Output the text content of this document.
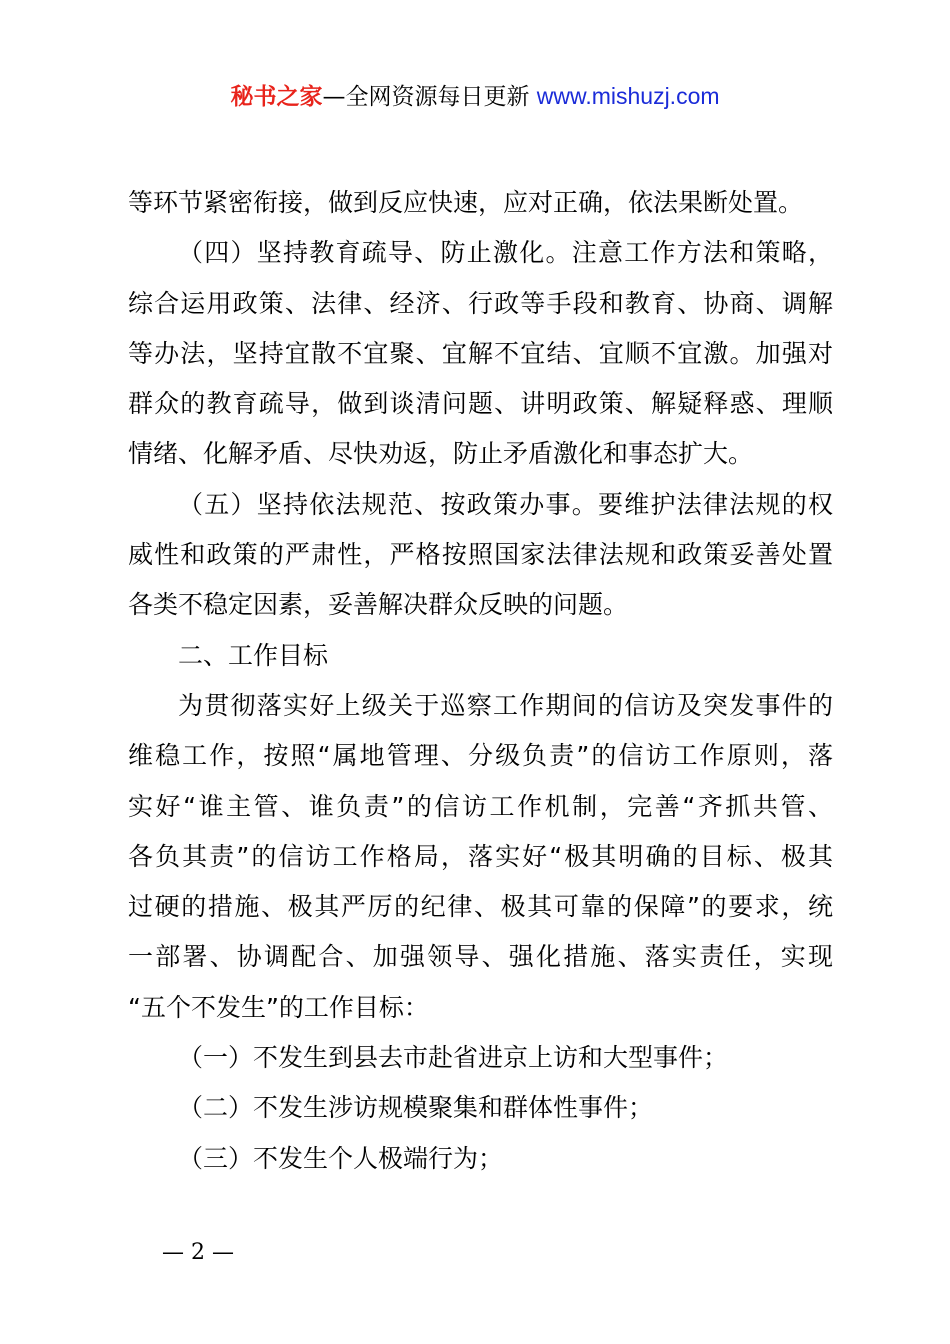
秘书之家—全网资源每日更新 www.mishuzj.com
等环节紧密衔接，做到反应快速，应对正确，依法果断处置。
（四）坚持教育疏导、防止激化。注意工作方法和策略，
综合运用政策、法律、经济、行政等手段和教育、协商、调解
等办法，坚持宜散不宜聚、宜解不宜结、宜顺不宜激。加强对
群众的教育疏导，做到谈清问题、讲明政策、解疑释惑、理顺
情绪、化解矛盾、尽快劝返，防止矛盾激化和事态扩大。
（五）坚持依法规范、按政策办事。要维护法律法规的权
威性和政策的严肃性，严格按照国家法律法规和政策妥善处置
各类不稳定因素，妥善解决群众反映的问题。
二、工作目标
为贯彻落实好上级关于巡察工作期间的信访及突发事件的
维稳工作，按照“属地管理、分级负责”的信访工作原则，落
实好“谁主管、谁负责”的信访工作机制，完善“齐抓共管、
各负其责”的信访工作格局，落实好“极其明确的目标、极其
过硬的措施、极其严厉的纪律、极其可靠的保障”的要求，统
一部署、协调配合、加强领导、强化措施、落实责任，实现
“五个不发生”的工作目标：
（一）不发生到县去市赴省进京上访和大型事件；
（二）不发生涉访规模聚集和群体性事件；
（三）不发生个人极端行为；
— 2 —
